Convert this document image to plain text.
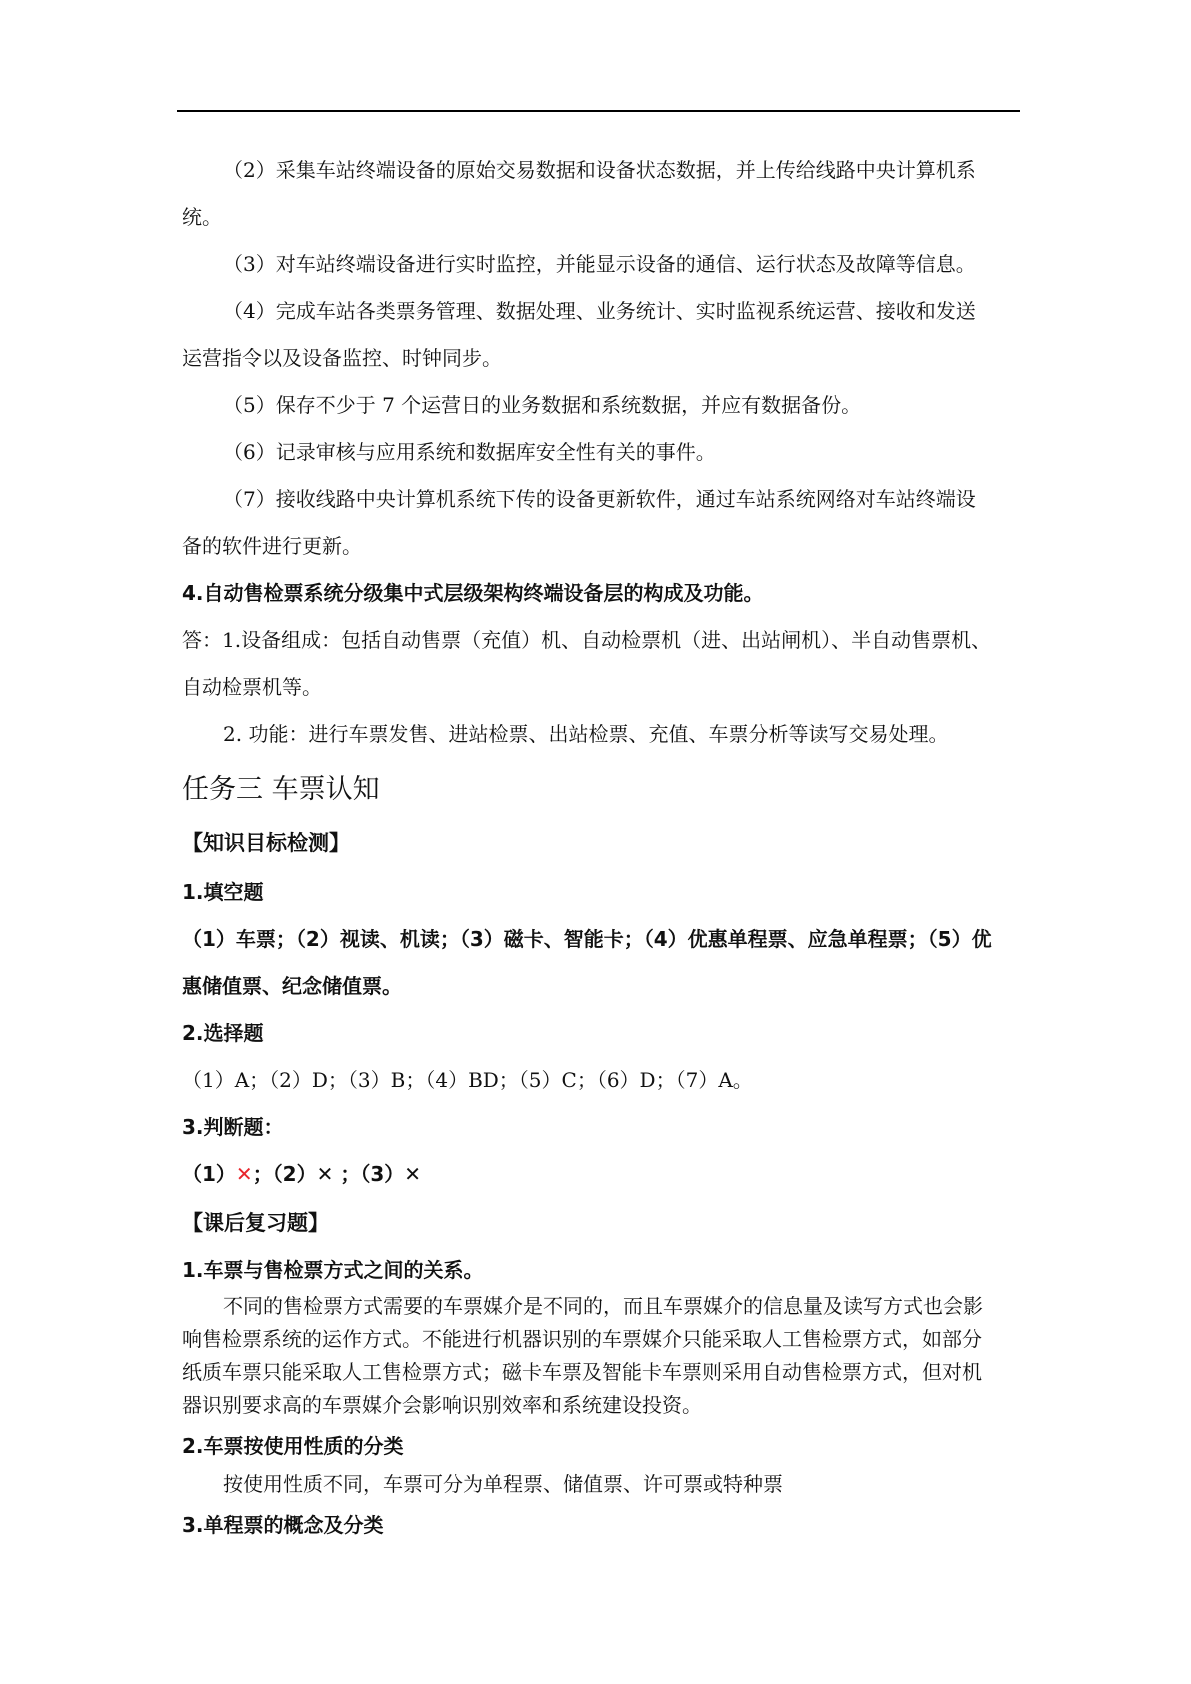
（2）采集车站终端设备的原始交易数据和设备状态数据，并上传给线路中央计算机系
统。
（3）对车站终端设备进行实时监控，并能显示设备的通信、运行状态及故障等信息。
（4）完成车站各类票务管理、数据处理、业务统计、实时监视系统运营、接收和发送
运营指令以及设备监控、时钟同步。
（5）保存不少于 7 个运营日的业务数据和系统数据，并应有数据备份。
（6）记录审核与应用系统和数据库安全性有关的事件。
（7）接收线路中央计算机系统下传的设备更新软件，通过车站系统网络对车站终端设
备的软件进行更新。
4.自动售检票系统分级集中式层级架构终端设备层的构成及功能。
答：1.设备组成：包括自动售票（充值）机、自动检票机（进、出站闸机）、半自动售票机、
自动检票机等。
2. 功能：进行车票发售、进站检票、出站检票、充值、车票分析等读写交易处理。
任务三 车票认知
【知识目标检测】
1.填空题
（1）车票；（2）视读、机读；（3）磁卡、智能卡；（4）优惠单程票、应急单程票；（5）优
惠储值票、纪念储值票。
2.选择题
（1）A；（2）D；（3）B；（4）BD；（5）C；（6）D；（7）A。
3.判断题：
（1）✕；（2）✕ ；（3）✕
【课后复习题】
1.车票与售检票方式之间的关系。
不同的售检票方式需要的车票媒介是不同的，而且车票媒介的信息量及读写方式也会影
响售检票系统的运作方式。不能进行机器识别的车票媒介只能采取人工售检票方式，如部分
纸质车票只能采取人工售检票方式；磁卡车票及智能卡车票则采用自动售检票方式，但对机
器识别要求高的车票媒介会影响识别效率和系统建设投资。
2.车票按使用性质的分类
按使用性质不同，车票可分为单程票、储值票、许可票或特种票
3.单程票的概念及分类
